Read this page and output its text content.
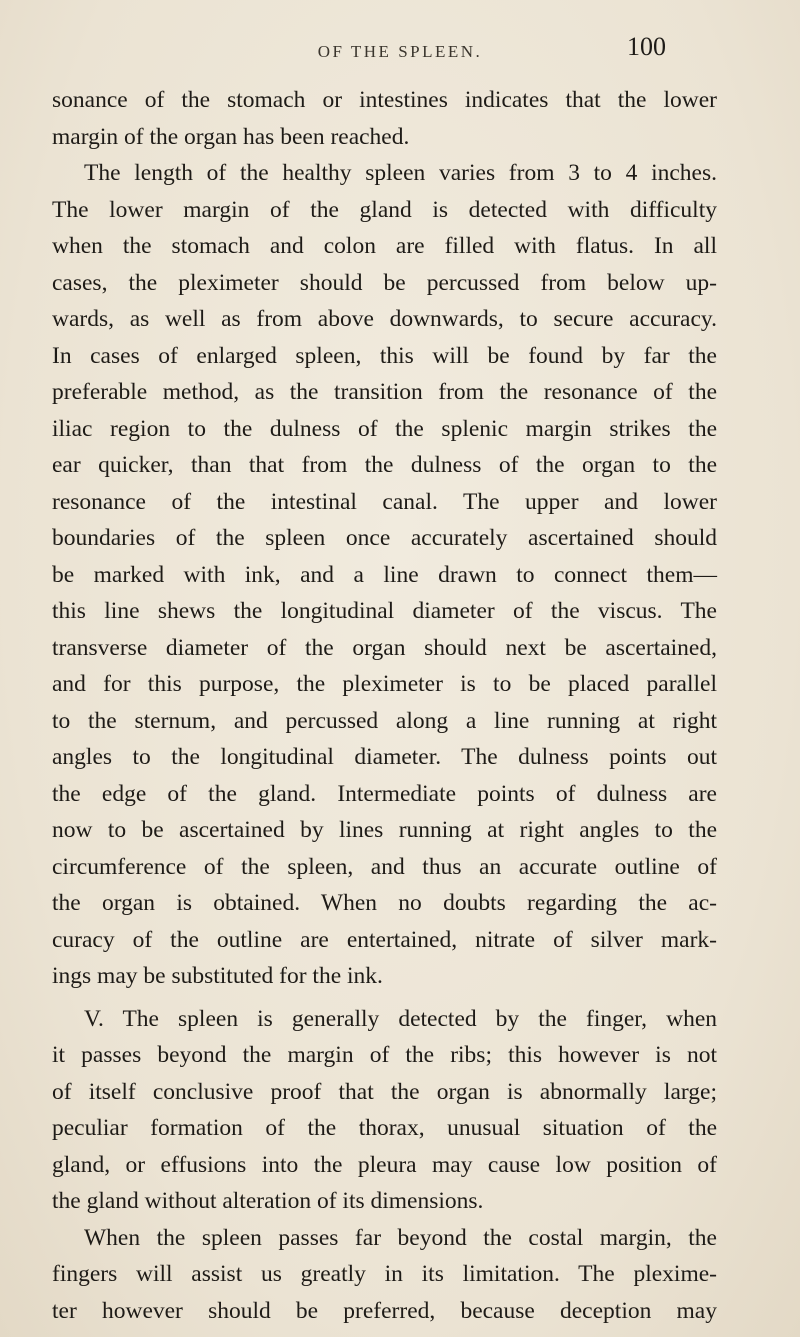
OF THE SPLEEN.	100
sonance of the stomach or intestines indicates that the lower
margin of the organ has been reached.
The length of the healthy spleen varies from 3 to 4 inches.
The lower margin of the gland is detected with difficulty
when the stomach and colon are filled with flatus. In all
cases, the pleximeter should be percussed from below up-
wards, as well as from above downwards, to secure accuracy.
In cases of enlarged spleen, this will be found by far the
preferable method, as the transition from the resonance of the
iliac region to the dulness of the splenic margin strikes the
ear quicker, than that from the dulness of the organ to the
resonance of the intestinal canal. The upper and lower
boundaries of the spleen once accurately ascertained should
be marked with ink, and a line drawn to connect them—
this line shews the longitudinal diameter of the viscus. The
transverse diameter of the organ should next be ascertained,
and for this purpose, the pleximeter is to be placed parallel
to the sternum, and percussed along a line running at right
angles to the longitudinal diameter. The dulness points out
the edge of the gland. Intermediate points of dulness are
now to be ascertained by lines running at right angles to the
circumference of the spleen, and thus an accurate outline of
the organ is obtained. When no doubts regarding the ac-
curacy of the outline are entertained, nitrate of silver mark-
ings may be substituted for the ink.
V. The spleen is generally detected by the finger, when
it passes beyond the margin of the ribs; this however is not
of itself conclusive proof that the organ is abnormally large;
peculiar formation of the thorax, unusual situation of the
gland, or effusions into the pleura may cause low position of
the gland without alteration of its dimensions.
When the spleen passes far beyond the costal margin, the
fingers will assist us greatly in its limitation. The plexime-
ter however should be preferred, because deception may
